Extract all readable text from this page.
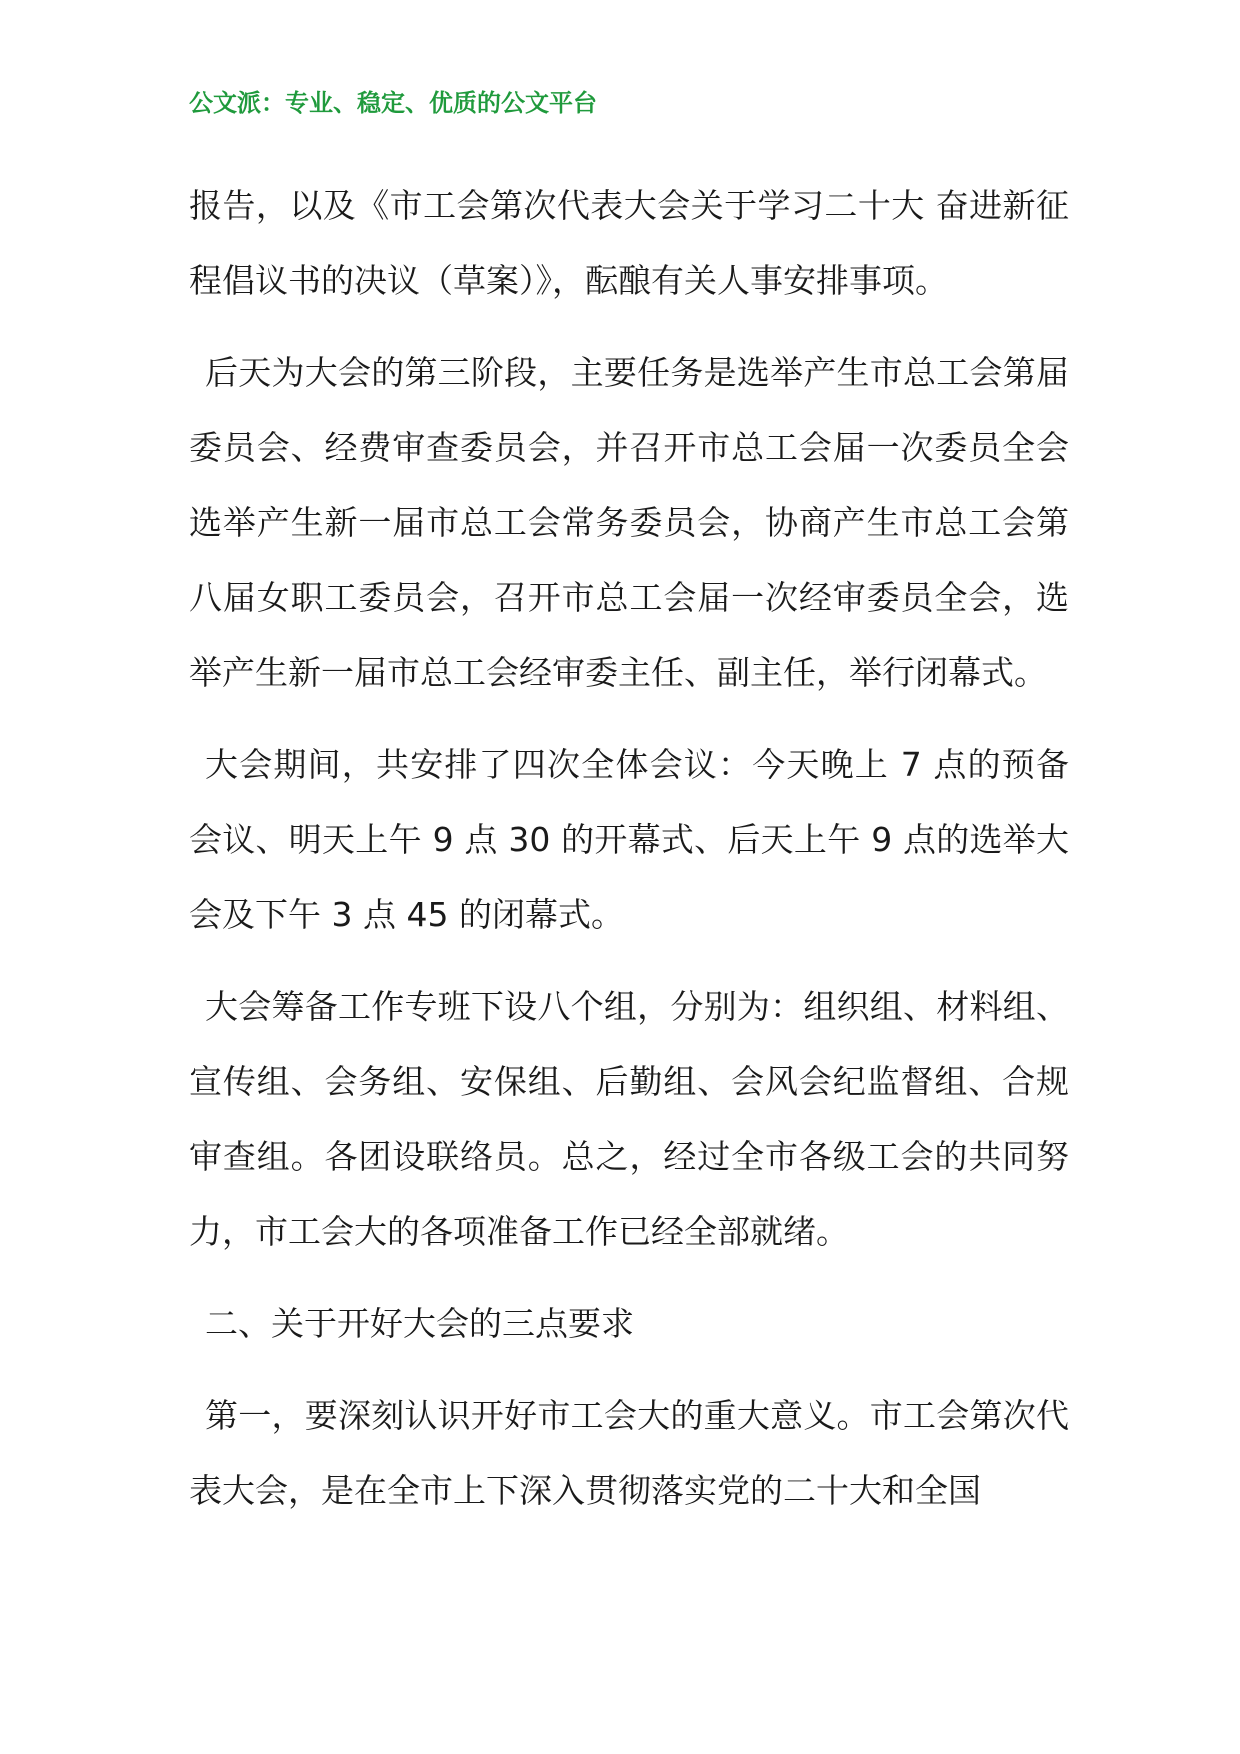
公文派：专业、稳定、优质的公文平台

报告，以及《市工会第次代表大会关于学习二十大 奋进新征程倡议书的决议（草案）》，酝酿有关人事安排事项。

后天为大会的第三阶段，主要任务是选举产生市总工会第届委员会、经费审查委员会，并召开市总工会届一次委员全会选举产生新一届市总工会常务委员会，协商产生市总工会第八届女职工委员会，召开市总工会届一次经审委员全会，选举产生新一届市总工会经审委主任、副主任，举行闭幕式。

大会期间，共安排了四次全体会议：今天晚上 7 点的预备会议、明天上午 9 点 30 的开幕式、后天上午 9 点的选举大会及下午 3 点 45 的闭幕式。

大会筹备工作专班下设八个组，分别为：组织组、材料组、宣传组、会务组、安保组、后勤组、会风会纪监督组、合规审查组。各团设联络员。总之，经过全市各级工会的共同努力，市工会大的各项准备工作已经全部就绪。

二、关于开好大会的三点要求

第一，要深刻认识开好市工会大的重大意义。市工会第次代表大会，是在全市上下深入贯彻落实党的二十大和全国
